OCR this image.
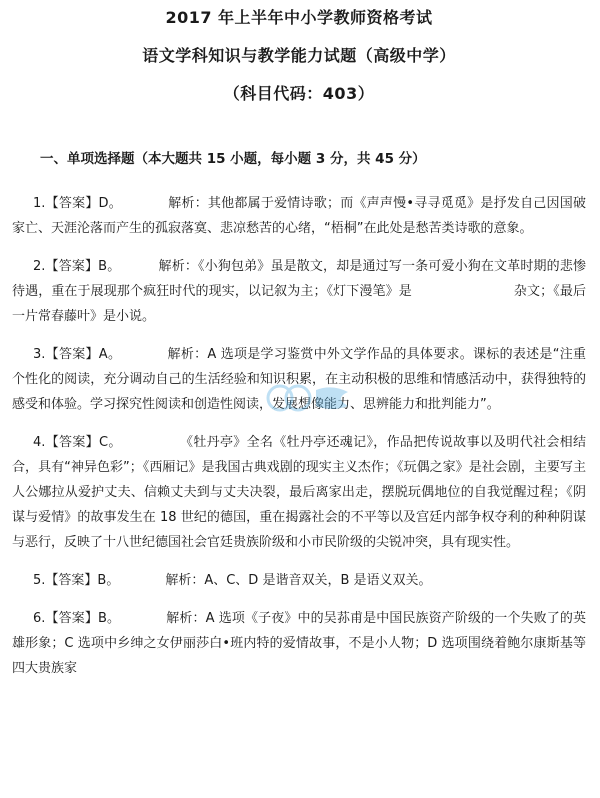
2017 年上半年中小学教师资格考试
语文学科知识与教学能力试题（高级中学）
（科目代码：403）
一、单项选择题（本大题共 15 小题，每小题 3 分，共 45 分）
1.【答案】D。	解析：其他都属于爱情诗歌；而《声声慢•寻寻觅觅》是抒发自己因国破家亡、天涯沦落而产生的孤寂落寞、悲凉愁苦的心绪，“梧桐”在此处是愁苦类诗歌的意象。
2.【答案】B。	解析：《小狗包弟》虽是散文，却是通过写一条可爱小狗在文革时期的悲惨待遇，重在于展现那个疯狂时代的现实，以记叙为主；《灯下漫笔》是	杂文；《最后一片常春藤叶》是小说。
3.【答案】A。	解析：A 选项是学习鉴赏中外文学作品的具体要求。课标的表述是“注重个性化的阅读，充分调动自己的生活经验和知识积累，在主动积极的思维和情感活动中，获得独特的感受和体验。学习探究性阅读和创造性阅读，发展想像能力、思辨能力和批判能力”。
4.【答案】C。	《牡丹亭》全名《牡丹亭还魂记》，作品把传说故事以及明代社会相结合，具有“神异色彩”；《西厢记》是我国古典戏剧的现实主义杰作；《玩偶之家》是社会剧，主要写主人公娜拉从爱护丈夫、信赖丈夫到与丈夫决裂，最后离家出走，摆脱玩偶地位的自我觉醒过程；《阴谋与爱情》的故事发生在 18 世纪的德国，重在揭露社会的不平等以及宫廷内部争权夺利的种种阴谋与恶行，反映了十八世纪德国社会官廷贵族阶级和小市民阶级的尖锐冲突，具有现实性。
5.【答案】B。	解析：A、C、D 是谐音双关，B 是语义双关。
6.【答案】B。	解析：A 选项《子夜》中的吴荪甫是中国民族资产阶级的一个失败了的英雄形象；C 选项中乡绅之女伊丽莎白•班内特的爱情故事，不是小人物；D 选项围绕着鲍尔康斯基等四大贵族家
